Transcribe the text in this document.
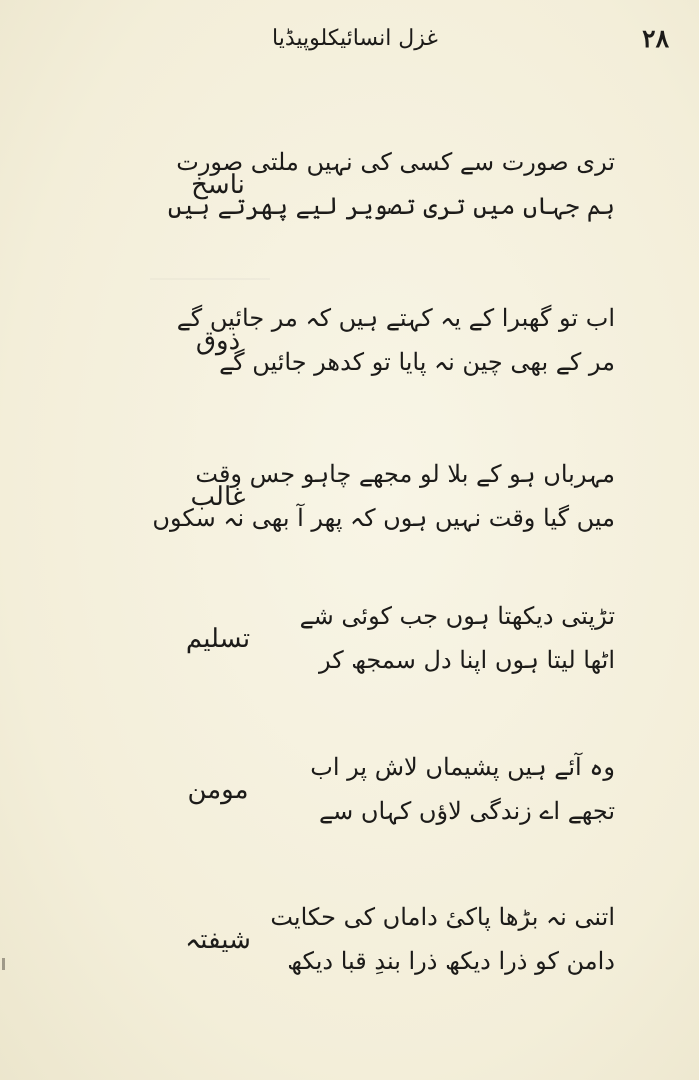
غزل انسائیکلوپیڈیا	۲۸
تری صورت سے کسی کی نہیں ملتی صورت
ہم جہاں میں تری تصویر لیے پھرتے ہیں
ناسخ
اب تو گھبرا کے یہ کہتے ہیں کہ مر جائیں گے
مر کے بھی چین نہ پایا تو کدھر جائیں گے
ذوق
مہرباں ہو کے بلا لو مجھے چاہو جس وقت
میں گیا وقت نہیں ہوں کہ پھر آ بھی نہ سکوں
غالب
تڑپتی دیکھتا ہوں جب کوئی شے
اٹھا لیتا ہوں اپنا دل سمجھ کر
تسلیم
وہ آئے ہیں پشیماں لاش پر اب
تجھے اے زندگی لاؤں کہاں سے
مومن
اتنی نہ بڑھا پاکیٔ داماں کی حکایت
دامن کو ذرا دیکھ ذرا بندِ قبا دیکھ
شیفتہ
